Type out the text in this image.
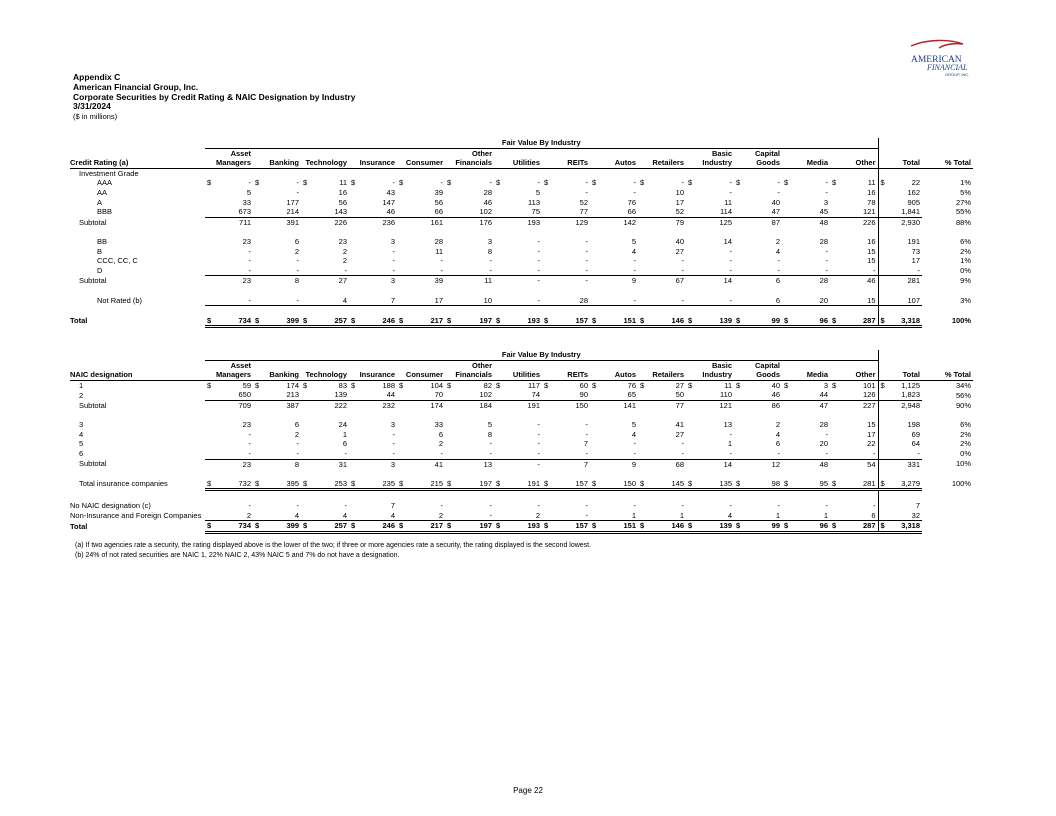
Appendix C
American Financial Group, Inc.
Corporate Securities by Credit Rating & NAIC Designation by Industry
3/31/2024
($ in millions)
AMERICAN
FINANCIAL
GROUP, INC.
	Fair Value By Industry															
	Asset					Other					Basic	Capital				
Credit Rating (a)	Managers	Banking	Technology	Insurance	Consumer	Financials	Utilities	REITs	Autos	Retailers	Industry	Goods	Media	Other	Total	% Total
Investment Grade																
AAA	$ -	$ -	$ 11	$ -	$ -	$ -	$ -	$ -	$ -	$ -	$ -	$ -	$ -	$ 11	$ 22	1%
AA	5	-	16	43	39	28	5	-	-	10	-	-	-	16	162	5%
A	33	177	56	147	56	46	113	52	76	17	11	40	3	78	905	27%
BBB	673	214	143	46	66	102	75	77	66	52	114	47	45	121	1,841	55%
Subtotal	711	391	226	236	161	176	193	129	142	79	125	87	48	226	2,930	88%

BB	23	6	23	3	28	3	-	-	5	40	14	2	28	16	191	6%
B	-	2	2	-	11	8	-	-	4	27	-	4	-	15	73	2%
CCC, CC, C	-	-	2	-	-	-	-	-	-	-	-	-	-	15	17	1%
D	-	-	-	-	-	-	-	-	-	-	-	-	-	-	-	0%
Subtotal	23	8	27	3	39	11	-	-	9	67	14	6	28	46	281	9%

Not Rated (b)	-	-	4	7	17	10	-	28	-	-	-	6	20	15	107	3%

Total	$ 734	$ 399	$ 257	$ 246	$ 217	$ 197	$ 193	$ 157	$ 151	$ 146	$ 139	$ 99	$ 96	$ 287	$ 3,318	100%
	Fair Value By Industry															
	Asset					Other					Basic	Capital				
NAIC designation	Managers	Banking	Technology	Insurance	Consumer	Financials	Utilities	REITs	Autos	Retailers	Industry	Goods	Media	Other	Total	% Total
1	$ 59	$ 174	$ 83	$ 188	$ 104	$ 82	$ 117	$ 60	$ 76	$ 27	$ 11	$ 40	$ 3	$ 101	$ 1,125	34%
2	650	213	139	44	70	102	74	90	65	50	110	46	44	126	1,823	56%
Subtotal	709	387	222	232	174	184	191	150	141	77	121	86	47	227	2,948	90%

3	23	6	24	3	33	5	-	-	5	41	13	2	28	15	198	6%
4	-	2	1	-	6	8	-	-	4	27	-	4	-	17	69	2%
5	-	-	6	-	2	-	-	7	-	-	1	6	20	22	64	2%
6	-	-	-	-	-	-	-	-	-	-	-	-	-	-	-	0%
Subtotal	23	8	31	3	41	13	-	7	9	68	14	12	48	54	331	10%

Total insurance companies	$ 732	$ 395	$ 253	$ 235	$ 215	$ 197	$ 191	$ 157	$ 150	$ 145	$ 135	$ 98	$ 95	$ 281	$ 3,279	100%

No NAIC designation (c)	-	-	-	7	-	-	-	-	-	-	-	-	-	-	7	
Non-Insurance and Foreign Companies	2	4	4	4	2	-	2	-	1	1	4	1	1	6	32	
Total	$ 734	$ 399	$ 257	$ 246	$ 217	$ 197	$ 193	$ 157	$ 151	$ 146	$ 139	$ 99	$ 96	$ 287	$ 3,318	
(a) If two agencies rate a security, the rating displayed above is the lower of the two; if three or more agencies rate a security, the rating displayed is the second lowest.
(b) 24% of not rated securities are NAIC 1, 22% NAIC 2, 43% NAIC 5 and 7% do not have a designation.
Page 22
